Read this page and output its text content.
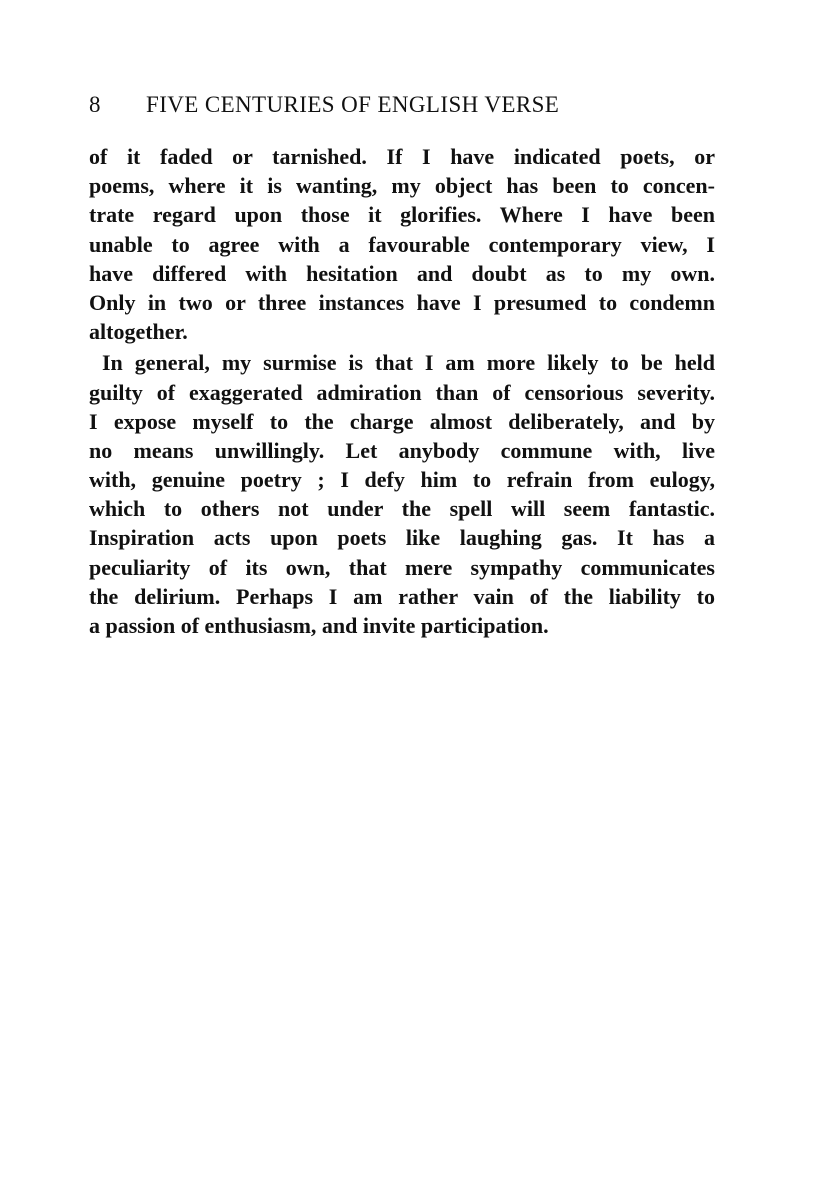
8 FIVE CENTURIES OF ENGLISH VERSE
of it faded or tarnished. If I have indicated poets, or
poems, where it is wanting, my object has been to concen-
trate regard upon those it glorifies. Where I have been
unable to agree with a favourable contemporary view, I
have differed with hesitation and doubt as to my own.
Only in two or three instances have I presumed to condemn
altogether.
In general, my surmise is that I am more likely to be held
guilty of exaggerated admiration than of censorious severity.
I expose myself to the charge almost deliberately, and by
no means unwillingly. Let anybody commune with, live
with, genuine poetry ; I defy him to refrain from eulogy,
which to others not under the spell will seem fantastic.
Inspiration acts upon poets like laughing gas. It has a
peculiarity of its own, that mere sympathy communicates
the delirium. Perhaps I am rather vain of the liability to
a passion of enthusiasm, and invite participation.
